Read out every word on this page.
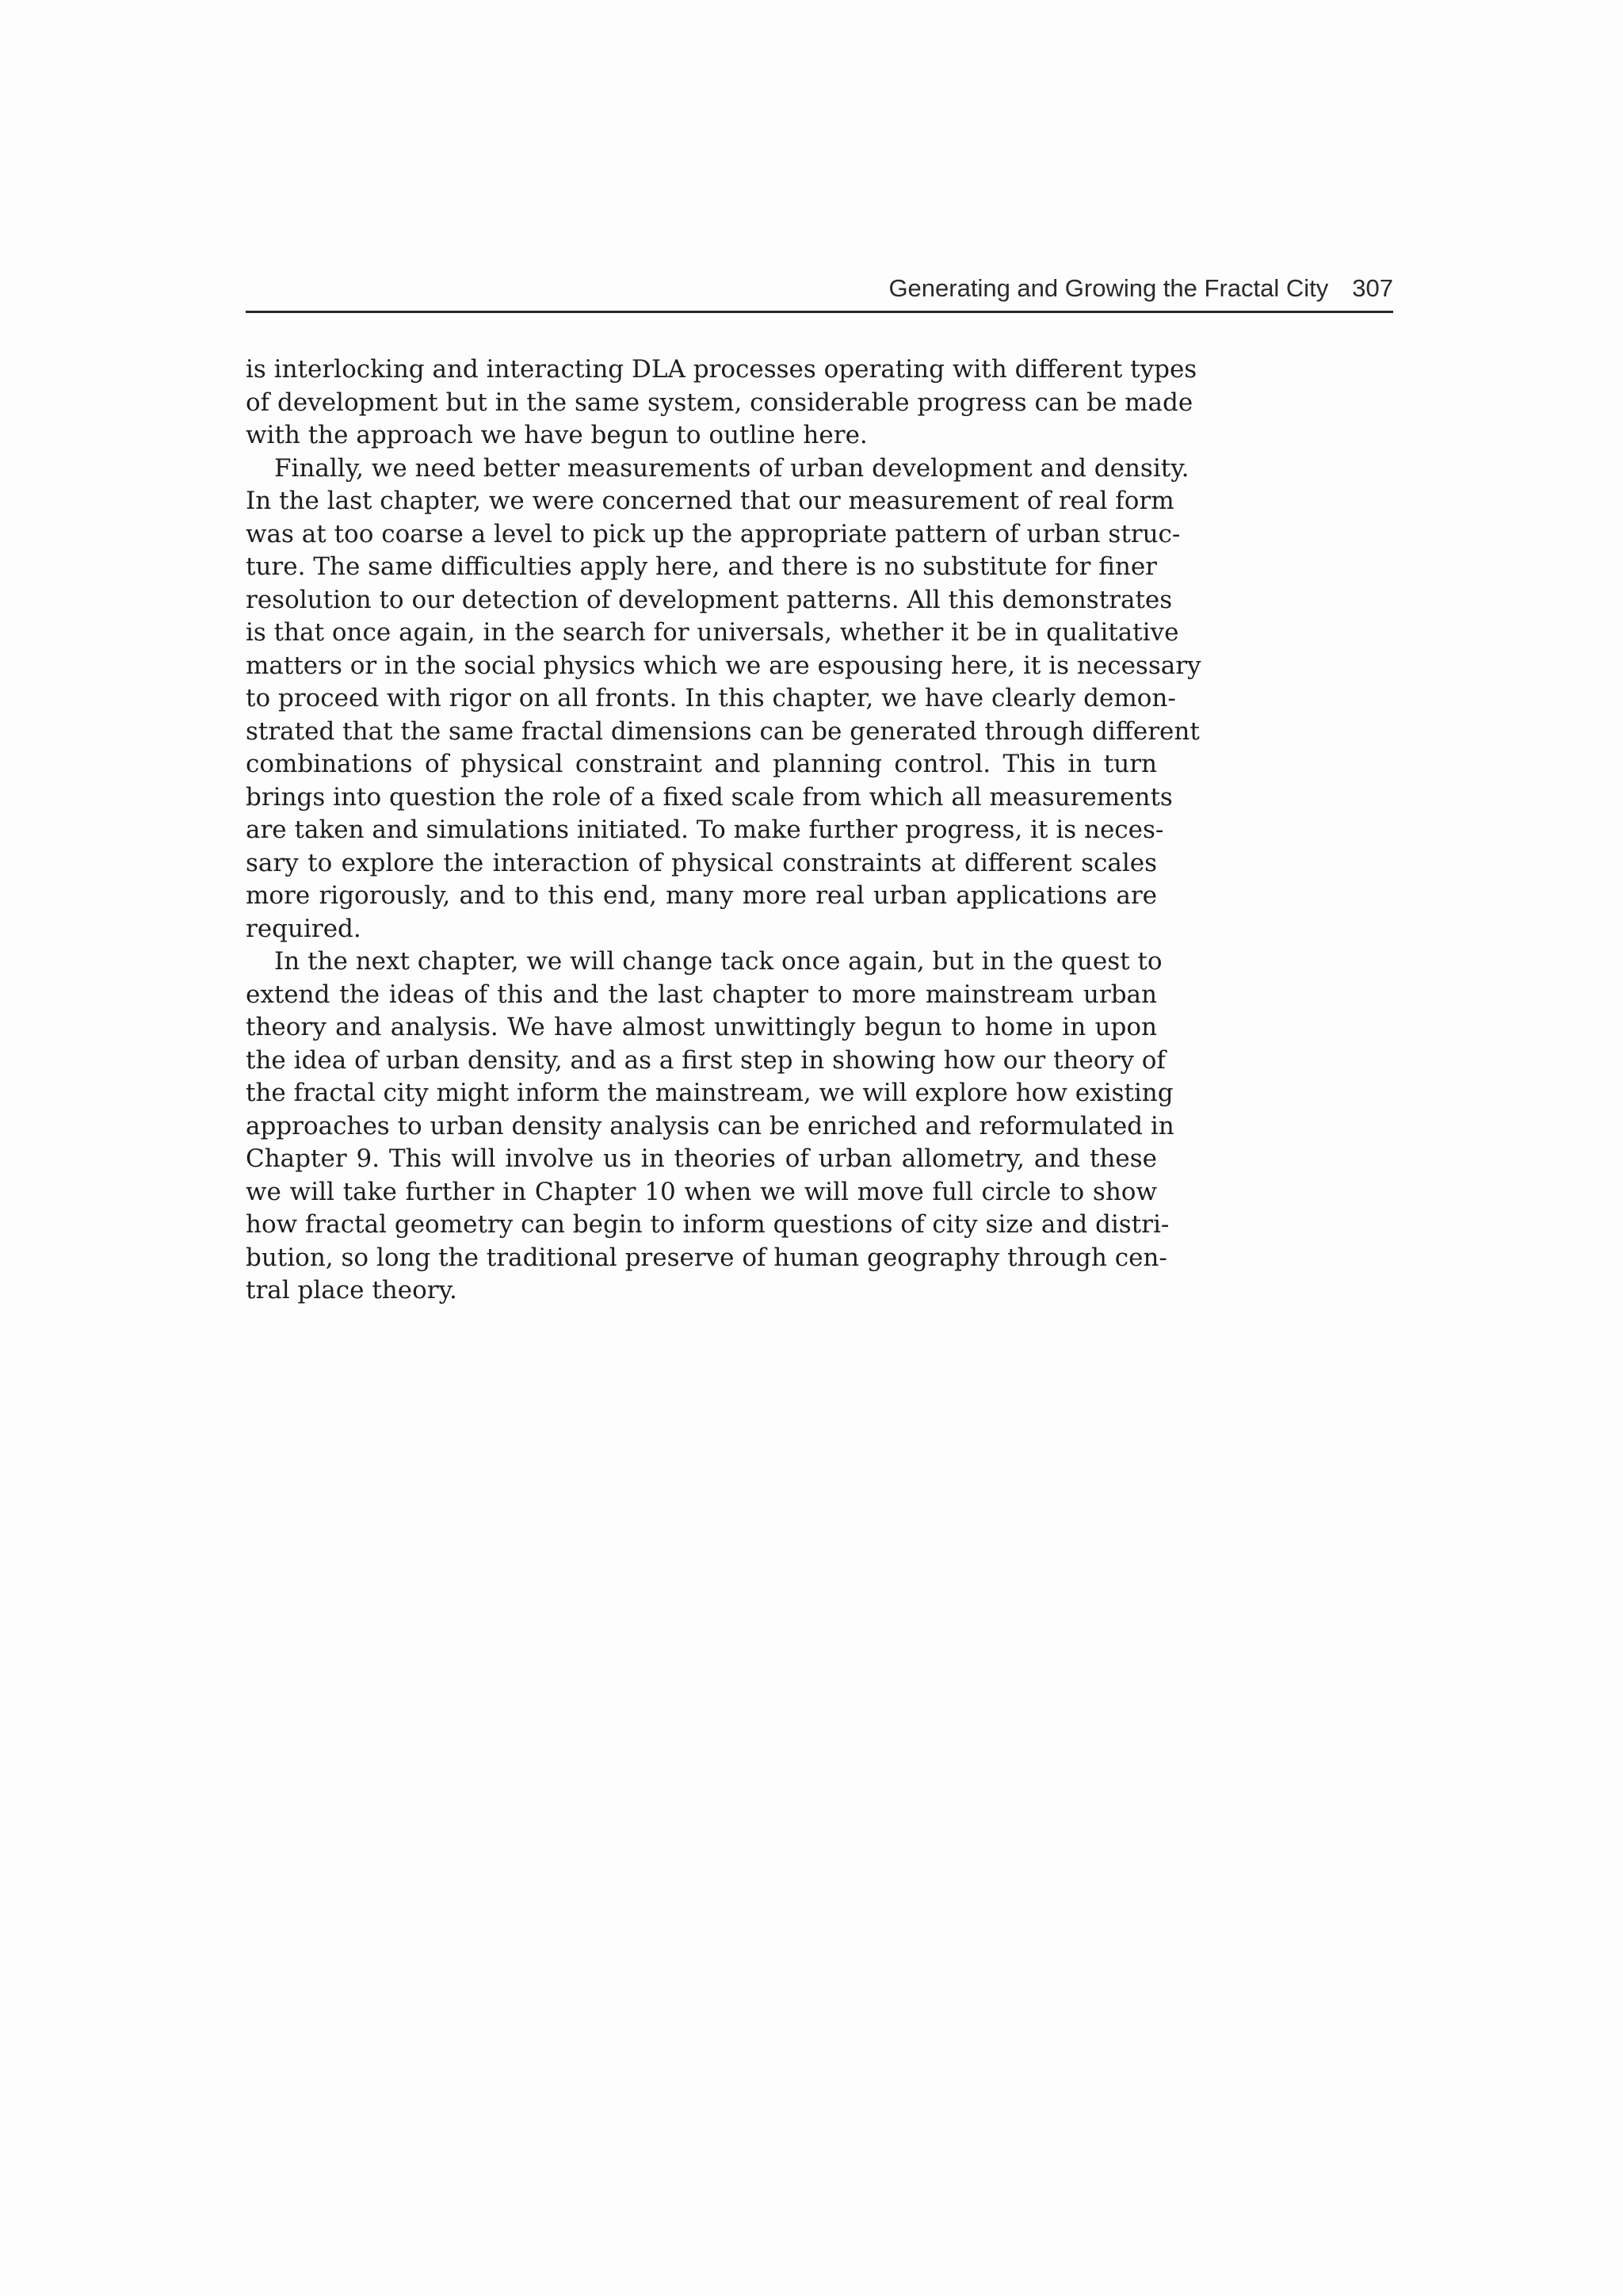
Generating and Growing the Fractal City 307
is interlocking and interacting DLA processes operating with different types
of development but in the same system, considerable progress can be made
with the approach we have begun to outline here.
Finally, we need better measurements of urban development and density.
In the last chapter, we were concerned that our measurement of real form
was at too coarse a level to pick up the appropriate pattern of urban struc-
ture. The same difficulties apply here, and there is no substitute for finer
resolution to our detection of development patterns. All this demonstrates
is that once again, in the search for universals, whether it be in qualitative
matters or in the social physics which we are espousing here, it is necessary
to proceed with rigor on all fronts. In this chapter, we have clearly demon-
strated that the same fractal dimensions can be generated through different
combinations of physical constraint and planning control. This in turn
brings into question the role of a fixed scale from which all measurements
are taken and simulations initiated. To make further progress, it is neces-
sary to explore the interaction of physical constraints at different scales
more rigorously, and to this end, many more real urban applications are
required.
In the next chapter, we will change tack once again, but in the quest to
extend the ideas of this and the last chapter to more mainstream urban
theory and analysis. We have almost unwittingly begun to home in upon
the idea of urban density, and as a first step in showing how our theory of
the fractal city might inform the mainstream, we will explore how existing
approaches to urban density analysis can be enriched and reformulated in
Chapter 9. This will involve us in theories of urban allometry, and these
we will take further in Chapter 10 when we will move full circle to show
how fractal geometry can begin to inform questions of city size and distri-
bution, so long the traditional preserve of human geography through cen-
tral place theory.
